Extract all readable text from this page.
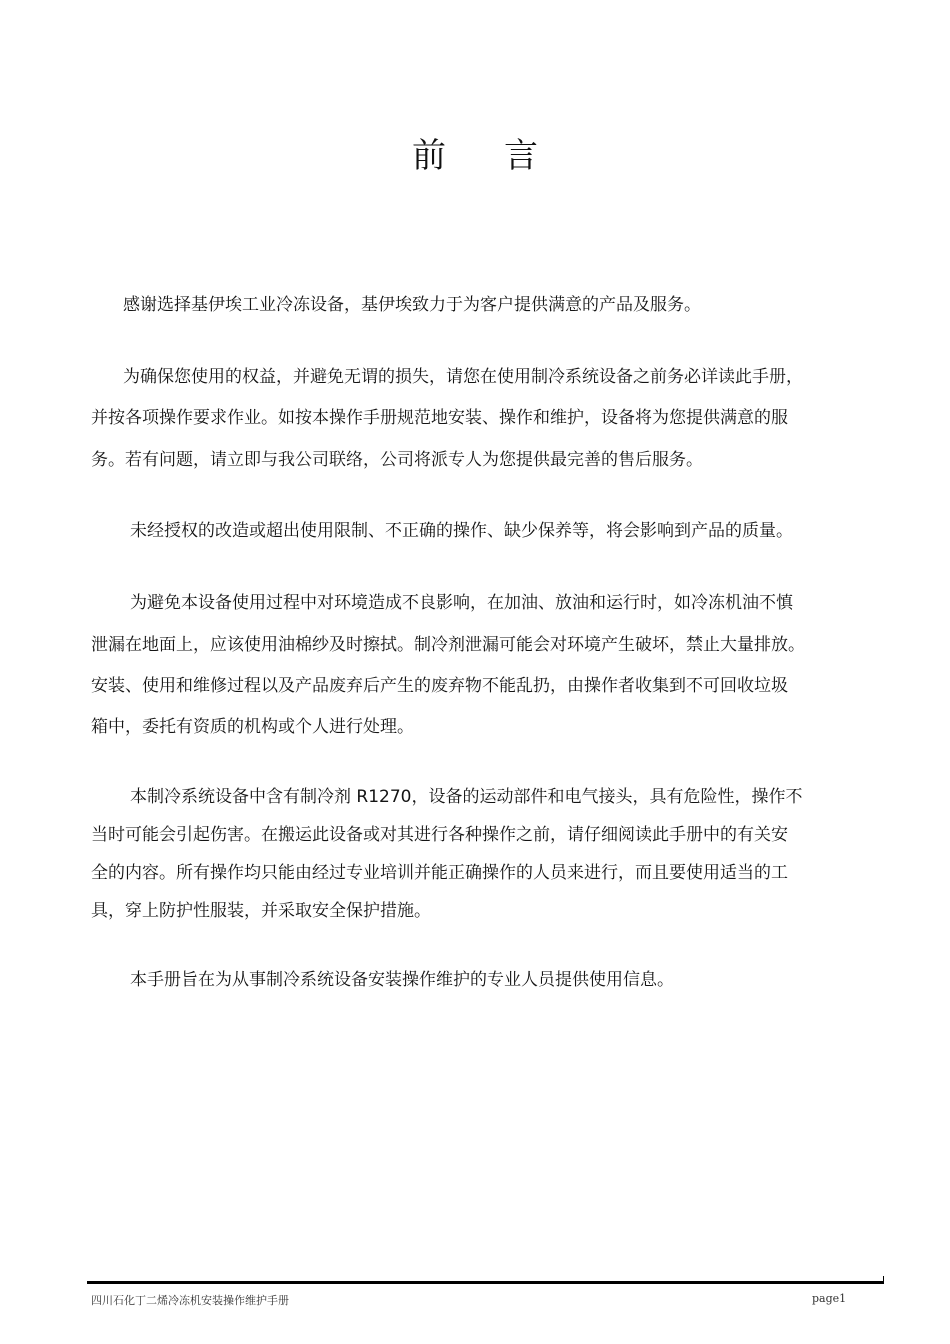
前 言
感谢选择基伊埃工业冷冻设备，基伊埃致力于为客户提供满意的产品及服务。
为确保您使用的权益，并避免无谓的损失，请您在使用制冷系统设备之前务必详读此手册，
并按各项操作要求作业。如按本操作手册规范地安装、操作和维护，设备将为您提供满意的服
务。若有问题，请立即与我公司联络，公司将派专人为您提供最完善的售后服务。
未经授权的改造或超出使用限制、不正确的操作、缺少保养等，将会影响到产品的质量。
为避免本设备使用过程中对环境造成不良影响，在加油、放油和运行时，如冷冻机油不慎
泄漏在地面上，应该使用油棉纱及时擦拭。制冷剂泄漏可能会对环境产生破坏，禁止大量排放。
安装、使用和维修过程以及产品废弃后产生的废弃物不能乱扔，由操作者收集到不可回收垃圾
箱中，委托有资质的机构或个人进行处理。
本制冷系统设备中含有制冷剂 R1270，设备的运动部件和电气接头，具有危险性，操作不
当时可能会引起伤害。在搬运此设备或对其进行各种操作之前，请仔细阅读此手册中的有关安
全的内容。所有操作均只能由经过专业培训并能正确操作的人员来进行，而且要使用适当的工
具，穿上防护性服装，并采取安全保护措施。
本手册旨在为从事制冷系统设备安装操作维护的专业人员提供使用信息。
四川石化丁二烯冷冻机安装操作维护手册	page1
